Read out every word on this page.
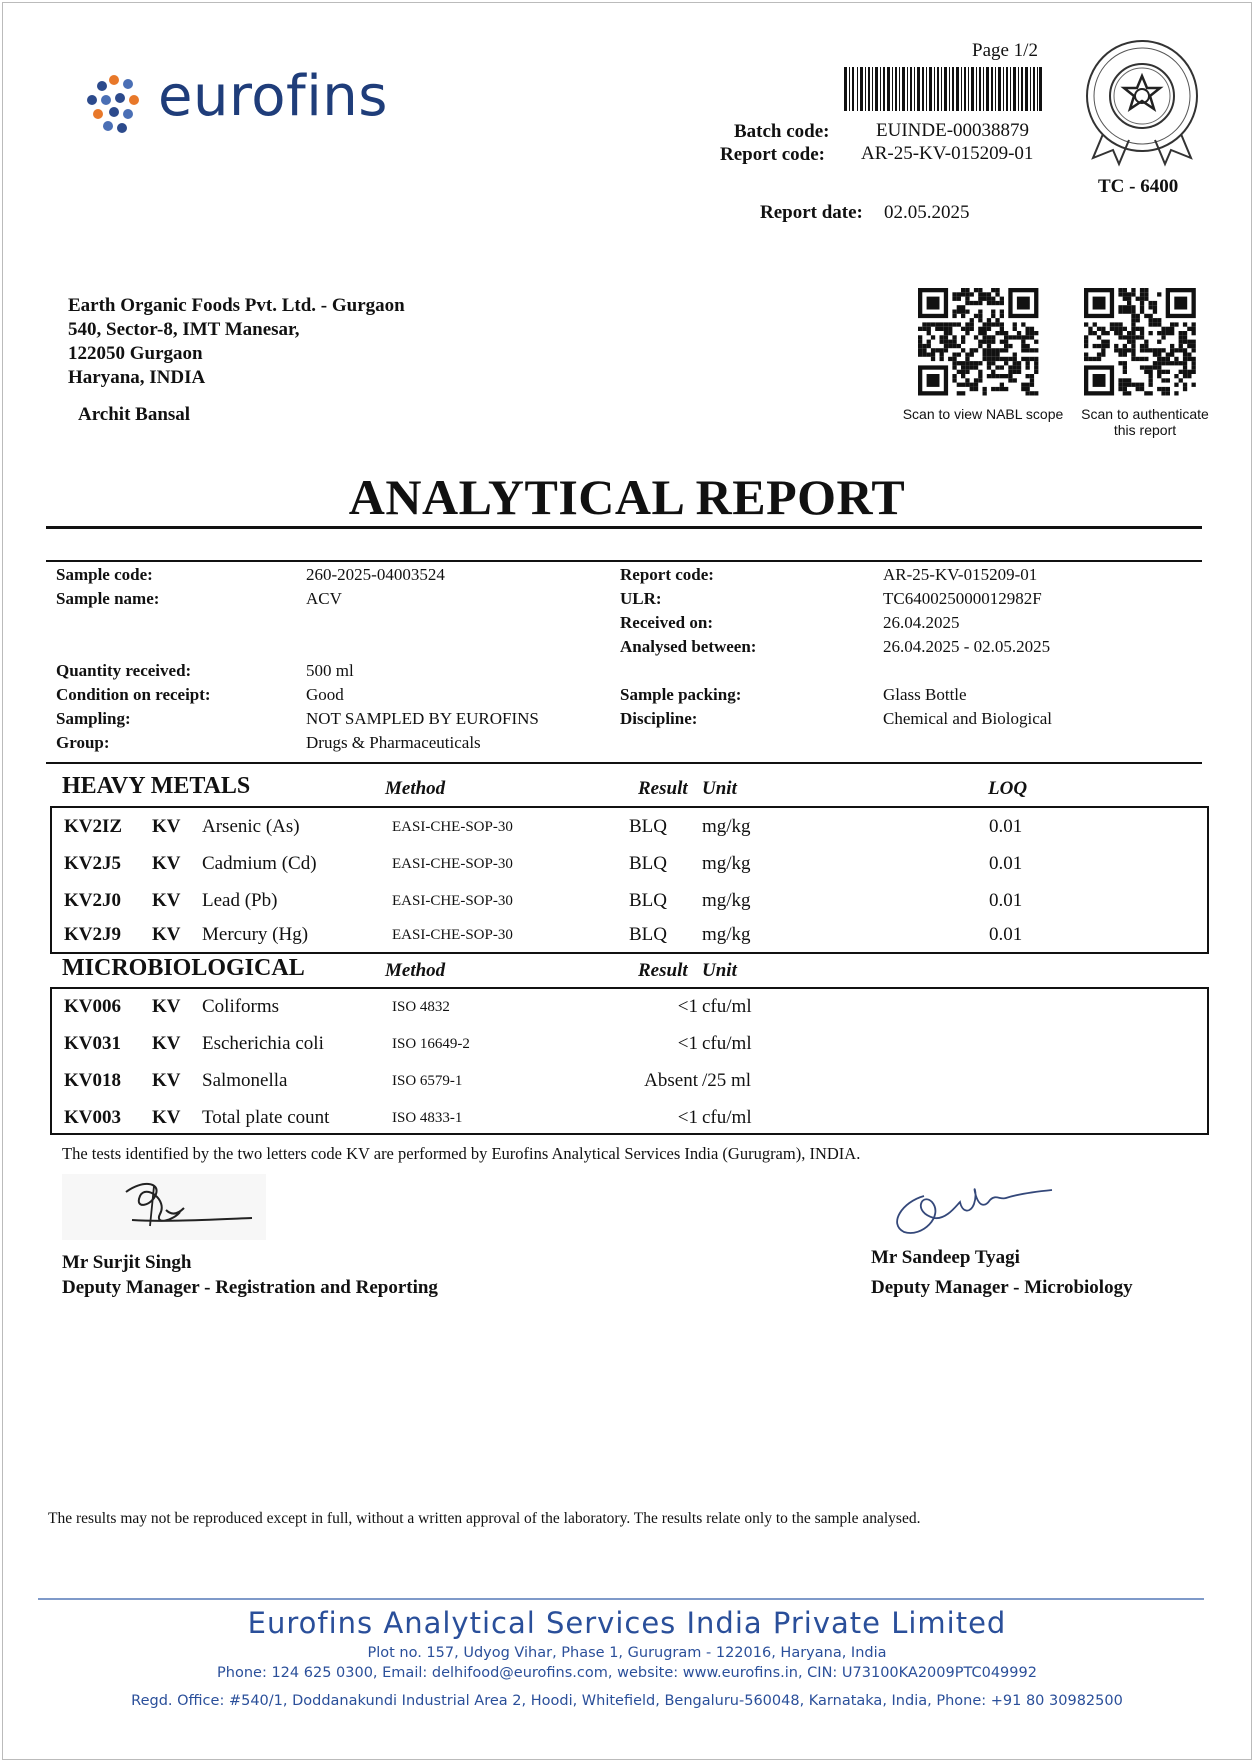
eurofins
Page 1/2
Batch code: EUINDE-00038879
Report code: AR-25-KV-015209-01
Report date: 02.05.2025
TC - 6400
Earth Organic Foods Pvt. Ltd. - Gurgaon
540, Sector-8, IMT Manesar,
122050 Gurgaon
Haryana, INDIA
Archit Bansal	Scan to view NABL scope	Scan to authenticate
this report
ANALYTICAL REPORT
Sample code:	260-2025-04003524
Sample name:	ACV
Quantity received:	500 ml
Condition on receipt:	Good
Sampling:	NOT SAMPLED BY EUROFINS
Group:	Drugs & Pharmaceuticals
Report code:	AR-25-KV-015209-01
ULR:	TC640025000012982F
Received on:	26.04.2025
Analysed between:	26.04.2025 - 02.05.2025
Sample packing:	Glass Bottle
Discipline:	Chemical and Biological
HEAVY METALS	Method	Result Unit	LOQ
KV2IZ KV Arsenic (As)	EASI-CHE-SOP-30	BLQ mg/kg	0.01
KV2J5 KV Cadmium (Cd)	EASI-CHE-SOP-30	BLQ mg/kg	0.01
KV2J0 KV Lead (Pb)	EASI-CHE-SOP-30	BLQ mg/kg	0.01
KV2J9 KV Mercury (Hg)	EASI-CHE-SOP-30	BLQ mg/kg	0.01
MICROBIOLOGICAL	Method	Result Unit
KV006 KV Coliforms	ISO 4832	<1 cfu/ml
KV031 KV Escherichia coli	ISO 16649-2	<1 cfu/ml
KV018 KV Salmonella	ISO 6579-1	Absent /25 ml
KV003 KV Total plate count	ISO 4833-1	<1 cfu/ml
The tests identified by the two letters code KV are performed by Eurofins Analytical Services India (Gurugram), INDIA.
Mr Surjit Singh
Deputy Manager - Registration and Reporting
Mr Sandeep Tyagi
Deputy Manager - Microbiology
The results may not be reproduced except in full, without a written approval of the laboratory. The results relate only to the sample analysed.
Eurofins Analytical Services India Private Limited
Plot no. 157, Udyog Vihar, Phase 1, Gurugram - 122016, Haryana, India
Phone: 124 625 0300, Email: delhifood@eurofins.com, website: www.eurofins.in, CIN: U73100KA2009PTC049992
Regd. Office: #540/1, Doddanakundi Industrial Area 2, Hoodi, Whitefield, Bengaluru-560048, Karnataka, India, Phone: +91 80 30982500
